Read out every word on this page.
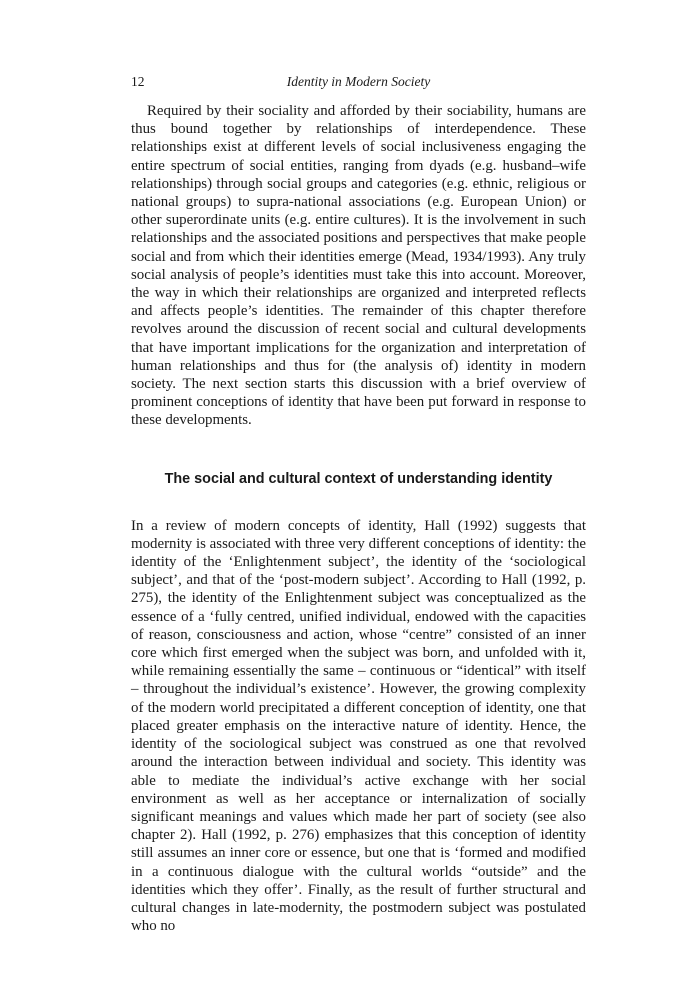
12	Identity in Modern Society

Required by their sociality and afforded by their sociability, humans are thus bound together by relationships of interdependence. These relationships exist at different levels of social inclusiveness engaging the entire spectrum of social entities, ranging from dyads (e.g. husband–wife relationships) through social groups and categories (e.g. ethnic, religious or national groups) to supra-national associations (e.g. European Union) or other superordinate units (e.g. entire cultures). It is the involvement in such relationships and the associated positions and perspectives that make people social and from which their identities emerge (Mead, 1934/1993). Any truly social analysis of people’s identities must take this into account. Moreover, the way in which their relationships are organized and interpreted reflects and affects people’s identities. The remainder of this chapter therefore revolves around the discussion of recent social and cultural developments that have important implications for the organization and interpretation of human relationships and thus for (the analysis of) identity in modern society. The next section starts this discussion with a brief overview of prominent conceptions of identity that have been put forward in response to these developments.

The social and cultural context of understanding identity

In a review of modern concepts of identity, Hall (1992) suggests that modernity is associated with three very different conceptions of identity: the identity of the ‘Enlightenment subject’, the identity of the ‘sociological subject’, and that of the ‘post-modern subject’. According to Hall (1992, p. 275), the identity of the Enlightenment subject was conceptualized as the essence of a ‘fully centred, unified individual, endowed with the capacities of reason, consciousness and action, whose “centre” consisted of an inner core which first emerged when the subject was born, and unfolded with it, while remaining essentially the same – continuous or “identical” with itself – throughout the individual’s existence’. However, the growing complexity of the modern world precipitated a different conception of identity, one that placed greater emphasis on the interactive nature of identity. Hence, the identity of the sociological subject was construed as one that revolved around the interaction between individual and society. This identity was able to mediate the individual’s active exchange with her social environment as well as her acceptance or internalization of socially significant meanings and values which made her part of society (see also chapter 2). Hall (1992, p. 276) emphasizes that this conception of identity still assumes an inner core or essence, but one that is ‘formed and modified in a continuous dialogue with the cultural worlds “outside” and the identities which they offer’. Finally, as the result of further structural and cultural changes in late-modernity, the postmodern subject was postulated who no
